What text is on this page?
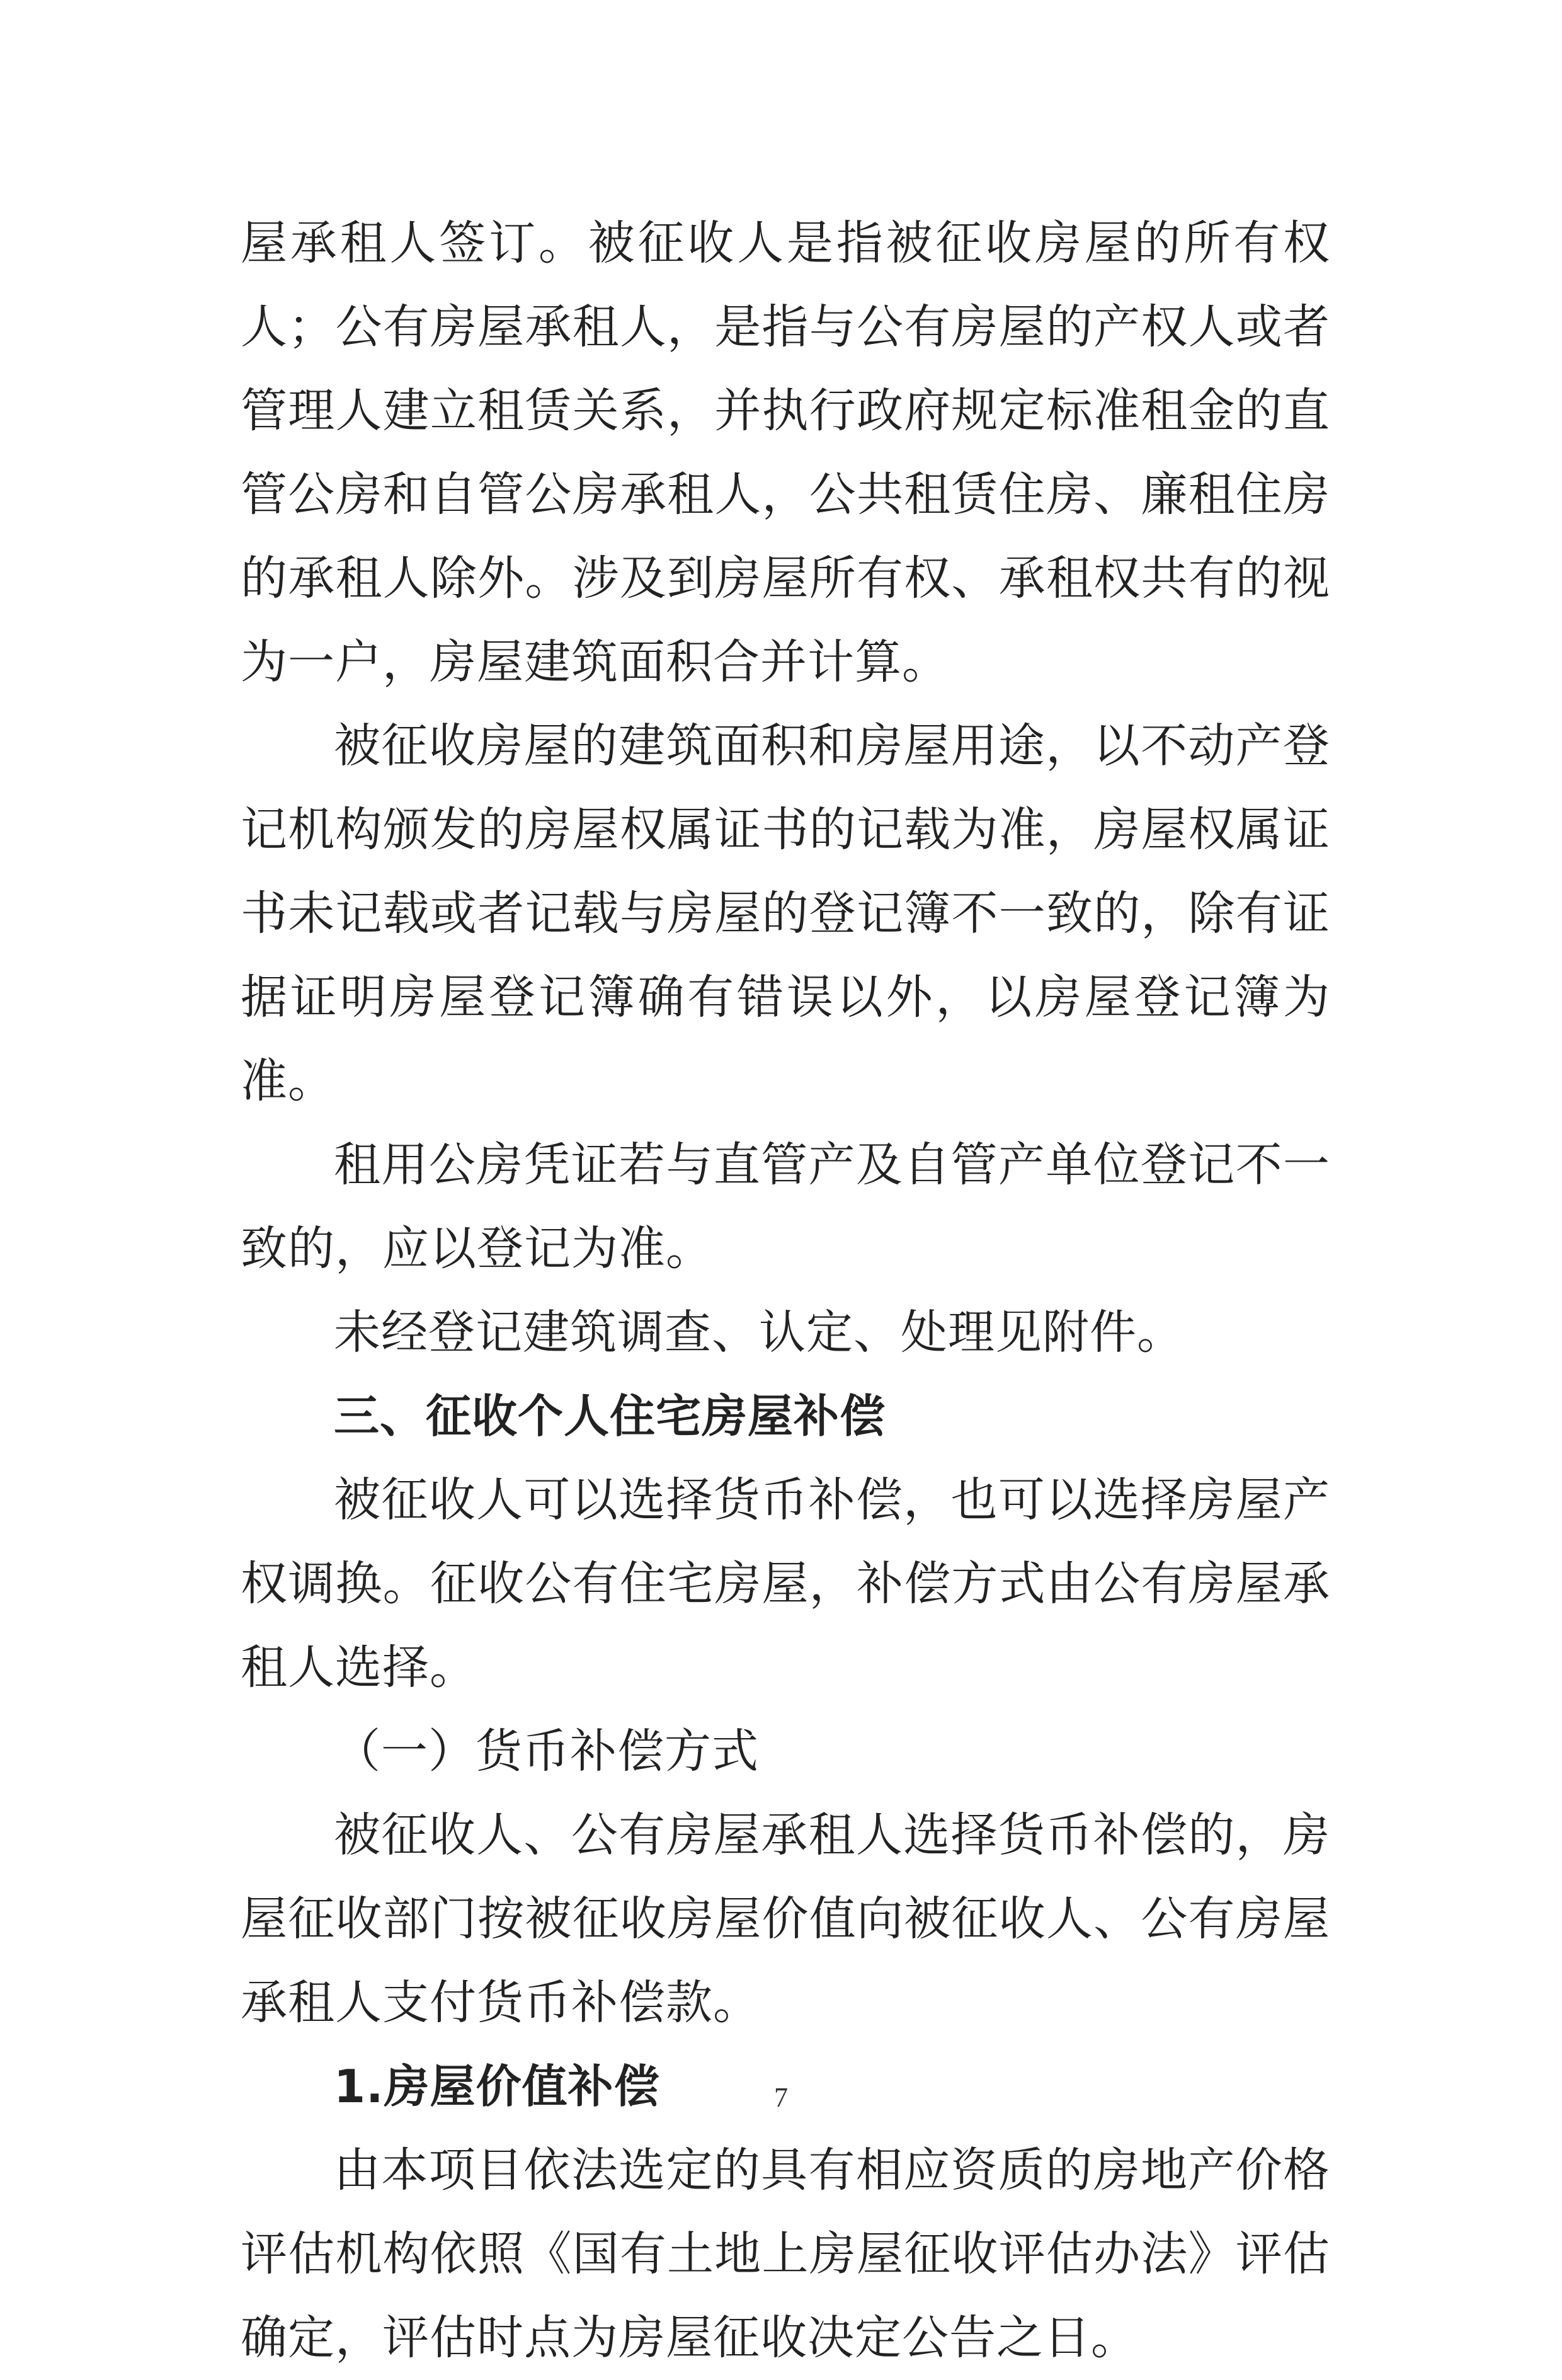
屋承租人签订。被征收人是指被征收房屋的所有权人；公有房屋承租人，是指与公有房屋的产权人或者管理人建立租赁关系，并执行政府规定标准租金的直管公房和自管公房承租人，公共租赁住房、廉租住房的承租人除外。涉及到房屋所有权、承租权共有的视为一户，房屋建筑面积合并计算。

被征收房屋的建筑面积和房屋用途，以不动产登记机构颁发的房屋权属证书的记载为准，房屋权属证书未记载或者记载与房屋的登记簿不一致的，除有证据证明房屋登记簿确有错误以外，以房屋登记簿为准。

租用公房凭证若与直管产及自管产单位登记不一致的，应以登记为准。

未经登记建筑调查、认定、处理见附件。

三、征收个人住宅房屋补偿

被征收人可以选择货币补偿，也可以选择房屋产权调换。征收公有住宅房屋，补偿方式由公有房屋承租人选择。

（一）货币补偿方式

被征收人、公有房屋承租人选择货币补偿的，房屋征收部门按被征收房屋价值向被征收人、公有房屋承租人支付货币补偿款。

1.房屋价值补偿

由本项目依法选定的具有相应资质的房地产价格评估机构依照《国有土地上房屋征收评估办法》评估确定，评估时点为房屋征收决定公告之日。

7
